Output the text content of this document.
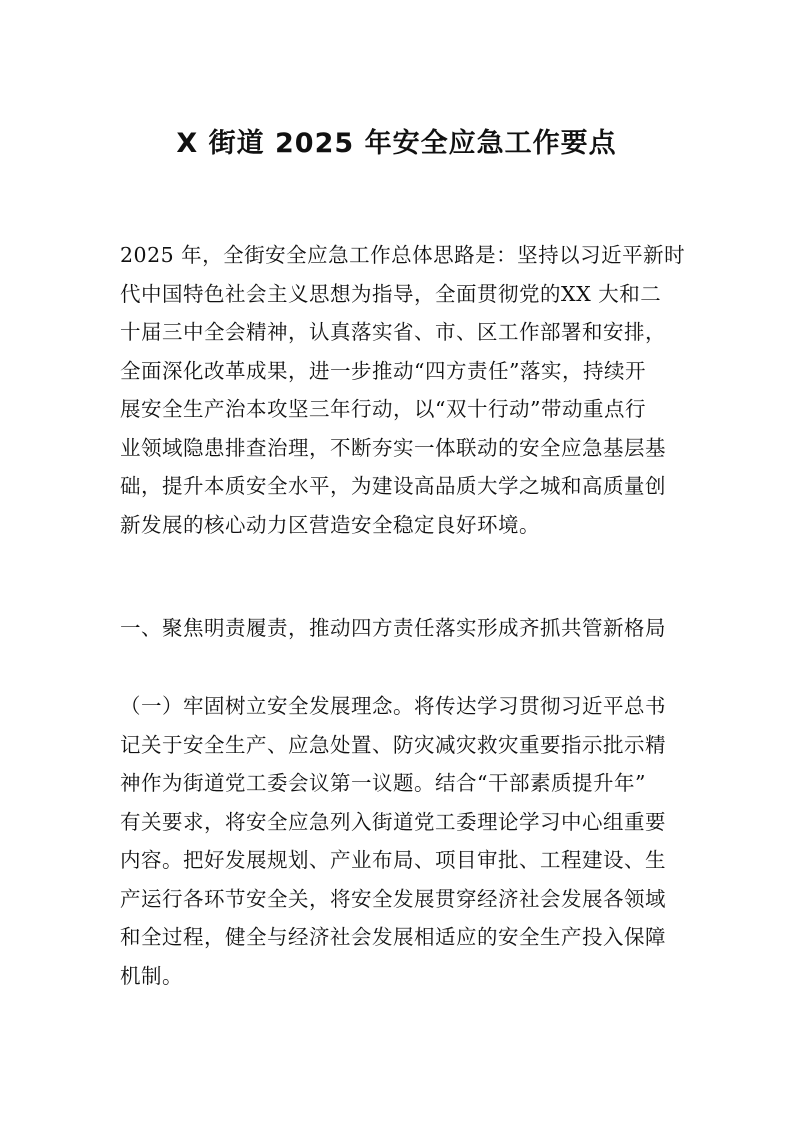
X 街道 2025 年安全应急工作要点
2025 年，全街安全应急工作总体思路是：坚持以习近平新时
代中国特色社会主义思想为指导，全面贯彻党的XX 大和二
十届三中全会精神，认真落实省、市、区工作部署和安排，
全面深化改革成果，进一步推动“四方责任”落实，持续开
展安全生产治本攻坚三年行动，以“双十行动”带动重点行
业领域隐患排查治理，不断夯实一体联动的安全应急基层基
础，提升本质安全水平，为建设高品质大学之城和高质量创
新发展的核心动力区营造安全稳定良好环境。
一、聚焦明责履责，推动四方责任落实形成齐抓共管新格局
（一）牢固树立安全发展理念。将传达学习贯彻习近平总书
记关于安全生产、应急处置、防灾减灾救灾重要指示批示精
神作为街道党工委会议第一议题。结合“干部素质提升年”
有关要求，将安全应急列入街道党工委理论学习中心组重要
内容。把好发展规划、产业布局、项目审批、工程建设、生
产运行各环节安全关，将安全发展贯穿经济社会发展各领域
和全过程，健全与经济社会发展相适应的安全生产投入保障
机制。
